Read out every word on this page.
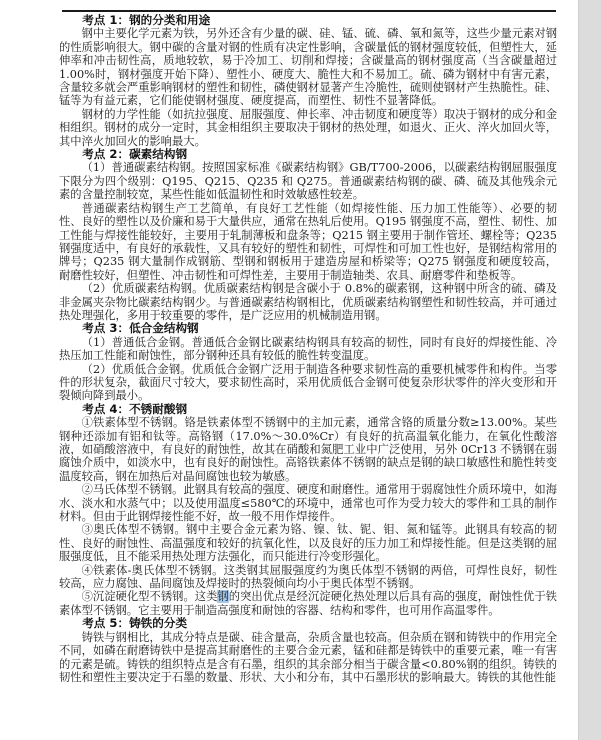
考点 1：钢的分类和用途

钢中主要化学元素为铁，另外还含有少量的碳、硅、锰、硫、磷、氧和氮等，这些少量元素对钢的性质影响很大。钢中碳的含量对钢的性质有决定性影响，含碳量低的钢材强度较低，但塑性大，延伸率和冲击韧性高，质地较软，易于冷加工、切削和焊接；含碳量高的钢材强度高（当含碳量超过 1.00%时，钢材强度开始下降）、塑性小、硬度大、脆性大和不易加工。硫、磷为钢材中有害元素，含量较多就会严重影响钢材的塑性和韧性，磷使钢材显著产生冷脆性，硫则使钢材产生热脆性。硅、锰等为有益元素，它们能使钢材强度、硬度提高，而塑性、韧性不显著降低。

钢材的力学性能（如抗拉强度、屈服强度、伸长率、冲击韧度和硬度等）取决于钢材的成分和金相组织。钢材的成分一定时，其金相组织主要取决于钢材的热处理，如退火、正火、淬火加回火等，其中淬火加回火的影响最大。

考点 2：碳素结构钢

（1）普通碳素结构钢。按照国家标准《碳素结构钢》GB/T700-2006，以碳素结构钢屈服强度下限分为四个级别：Q195、Q215、Q235 和 Q275。普通碳素结构钢的碳、磷、硫及其他残余元素的含量控制较宽，某些性能如低温韧性和时效敏感性较差。

普通碳素结构钢生产工艺简单，有良好工艺性能（如焊接性能、压力加工性能等）、必要的韧性、良好的塑性以及价廉和易于大量供应，通常在热轧后使用。Q195 钢强度不高，塑性、韧性、加工性能与焊接性能较好，主要用于轧制薄板和盘条等；Q215 钢主要用于制作管坯、螺栓等；Q235 钢强度适中，有良好的承载性，又具有较好的塑性和韧性，可焊性和可加工性也好，是钢结构常用的牌号；Q235 钢大量制作成钢筋、型钢和钢板用于建造房屋和桥梁等；Q275 钢强度和硬度较高，耐磨性较好，但塑性、冲击韧性和可焊性差，主要用于制造轴类、农具、耐磨零件和垫板等。

（2）优质碳素结构钢。优质碳素结构钢是含碳小于 0.8%的碳素钢，这种钢中所含的硫、磷及非金属夹杂物比碳素结构钢少。与普通碳素结构钢相比，优质碳素结构钢塑性和韧性较高，并可通过热处理强化，多用于较重要的零件，是广泛应用的机械制造用钢。

考点 3：低合金结构钢

（1）普通低合金钢。普通低合金钢比碳素结构钢具有较高的韧性，同时有良好的焊接性能、冷热压加工性能和耐蚀性，部分钢种还具有较低的脆性转变温度。

（2）优质低合金钢。优质低合金钢广泛用于制造各种要求韧性高的重要机械零件和构件。当零件的形状复杂，截面尺寸较大，要求韧性高时，采用优质低合金钢可使复杂形状零件的淬火变形和开裂倾向降到最小。

考点 4：不锈耐酸钢

①铁素体型不锈钢。铬是铁素体型不锈钢中的主加元素，通常含铬的质量分数≥13.00%。某些钢种还添加有铝和钛等。高铬钢（17.0%～30.0%Cr）有良好的抗高温氧化能力，在氧化性酸溶液，如硝酸溶液中，有良好的耐蚀性，故其在硝酸和氮肥工业中广泛使用，另外 0Cr13 不锈钢在弱腐蚀介质中，如淡水中，也有良好的耐蚀性。高铬铁素体不锈钢的缺点是钢的缺口敏感性和脆性转变温度较高，钢在加热后对晶间腐蚀也较为敏感。

②马氏体型不锈钢。此钢具有较高的强度、硬度和耐磨性。通常用于弱腐蚀性介质环境中，如海水、淡水和水蒸气中；以及使用温度≤580℃的环境中，通常也可作为受力较大的零件和工具的制作材料。但由于此钢焊接性能不好，故一般不用作焊接件。

③奥氏体型不锈钢。钢中主要合金元素为铬、镍、钛、铌、钼、氮和锰等。此钢具有较高的韧性、良好的耐蚀性、高温强度和较好的抗氧化性，以及良好的压力加工和焊接性能。但是这类钢的屈服强度低，且不能采用热处理方法强化，而只能进行冷变形强化。

④铁素体-奥氏体型不锈钢。这类钢其屈服强度约为奥氏体型不锈钢的两倍，可焊性良好，韧性较高，应力腐蚀、晶间腐蚀及焊接时的热裂倾向均小于奥氏体型不锈钢。

⑤沉淀硬化型不锈钢。这类钢的突出优点是经沉淀硬化热处理以后具有高的强度，耐蚀性优于铁素体型不锈钢。它主要用于制造高强度和耐蚀的容器、结构和零件，也可用作高温零件。

考点 5：铸铁的分类

铸铁与钢相比，其成分特点是碳、硅含量高，杂质含量也较高。但杂质在钢和铸铁中的作用完全不同，如磷在耐磨铸铁中是提高其耐磨性的主要合金元素，锰和硅都是铸铁中的重要元素，唯一有害的元素是硫。铸铁的组织特点是含有石墨，组织的其余部分相当于碳含量<0.80%钢的组织。铸铁的韧性和塑性主要决定于石墨的数量、形状、大小和分布，其中石墨形状的影响最大。铸铁的其他性能
